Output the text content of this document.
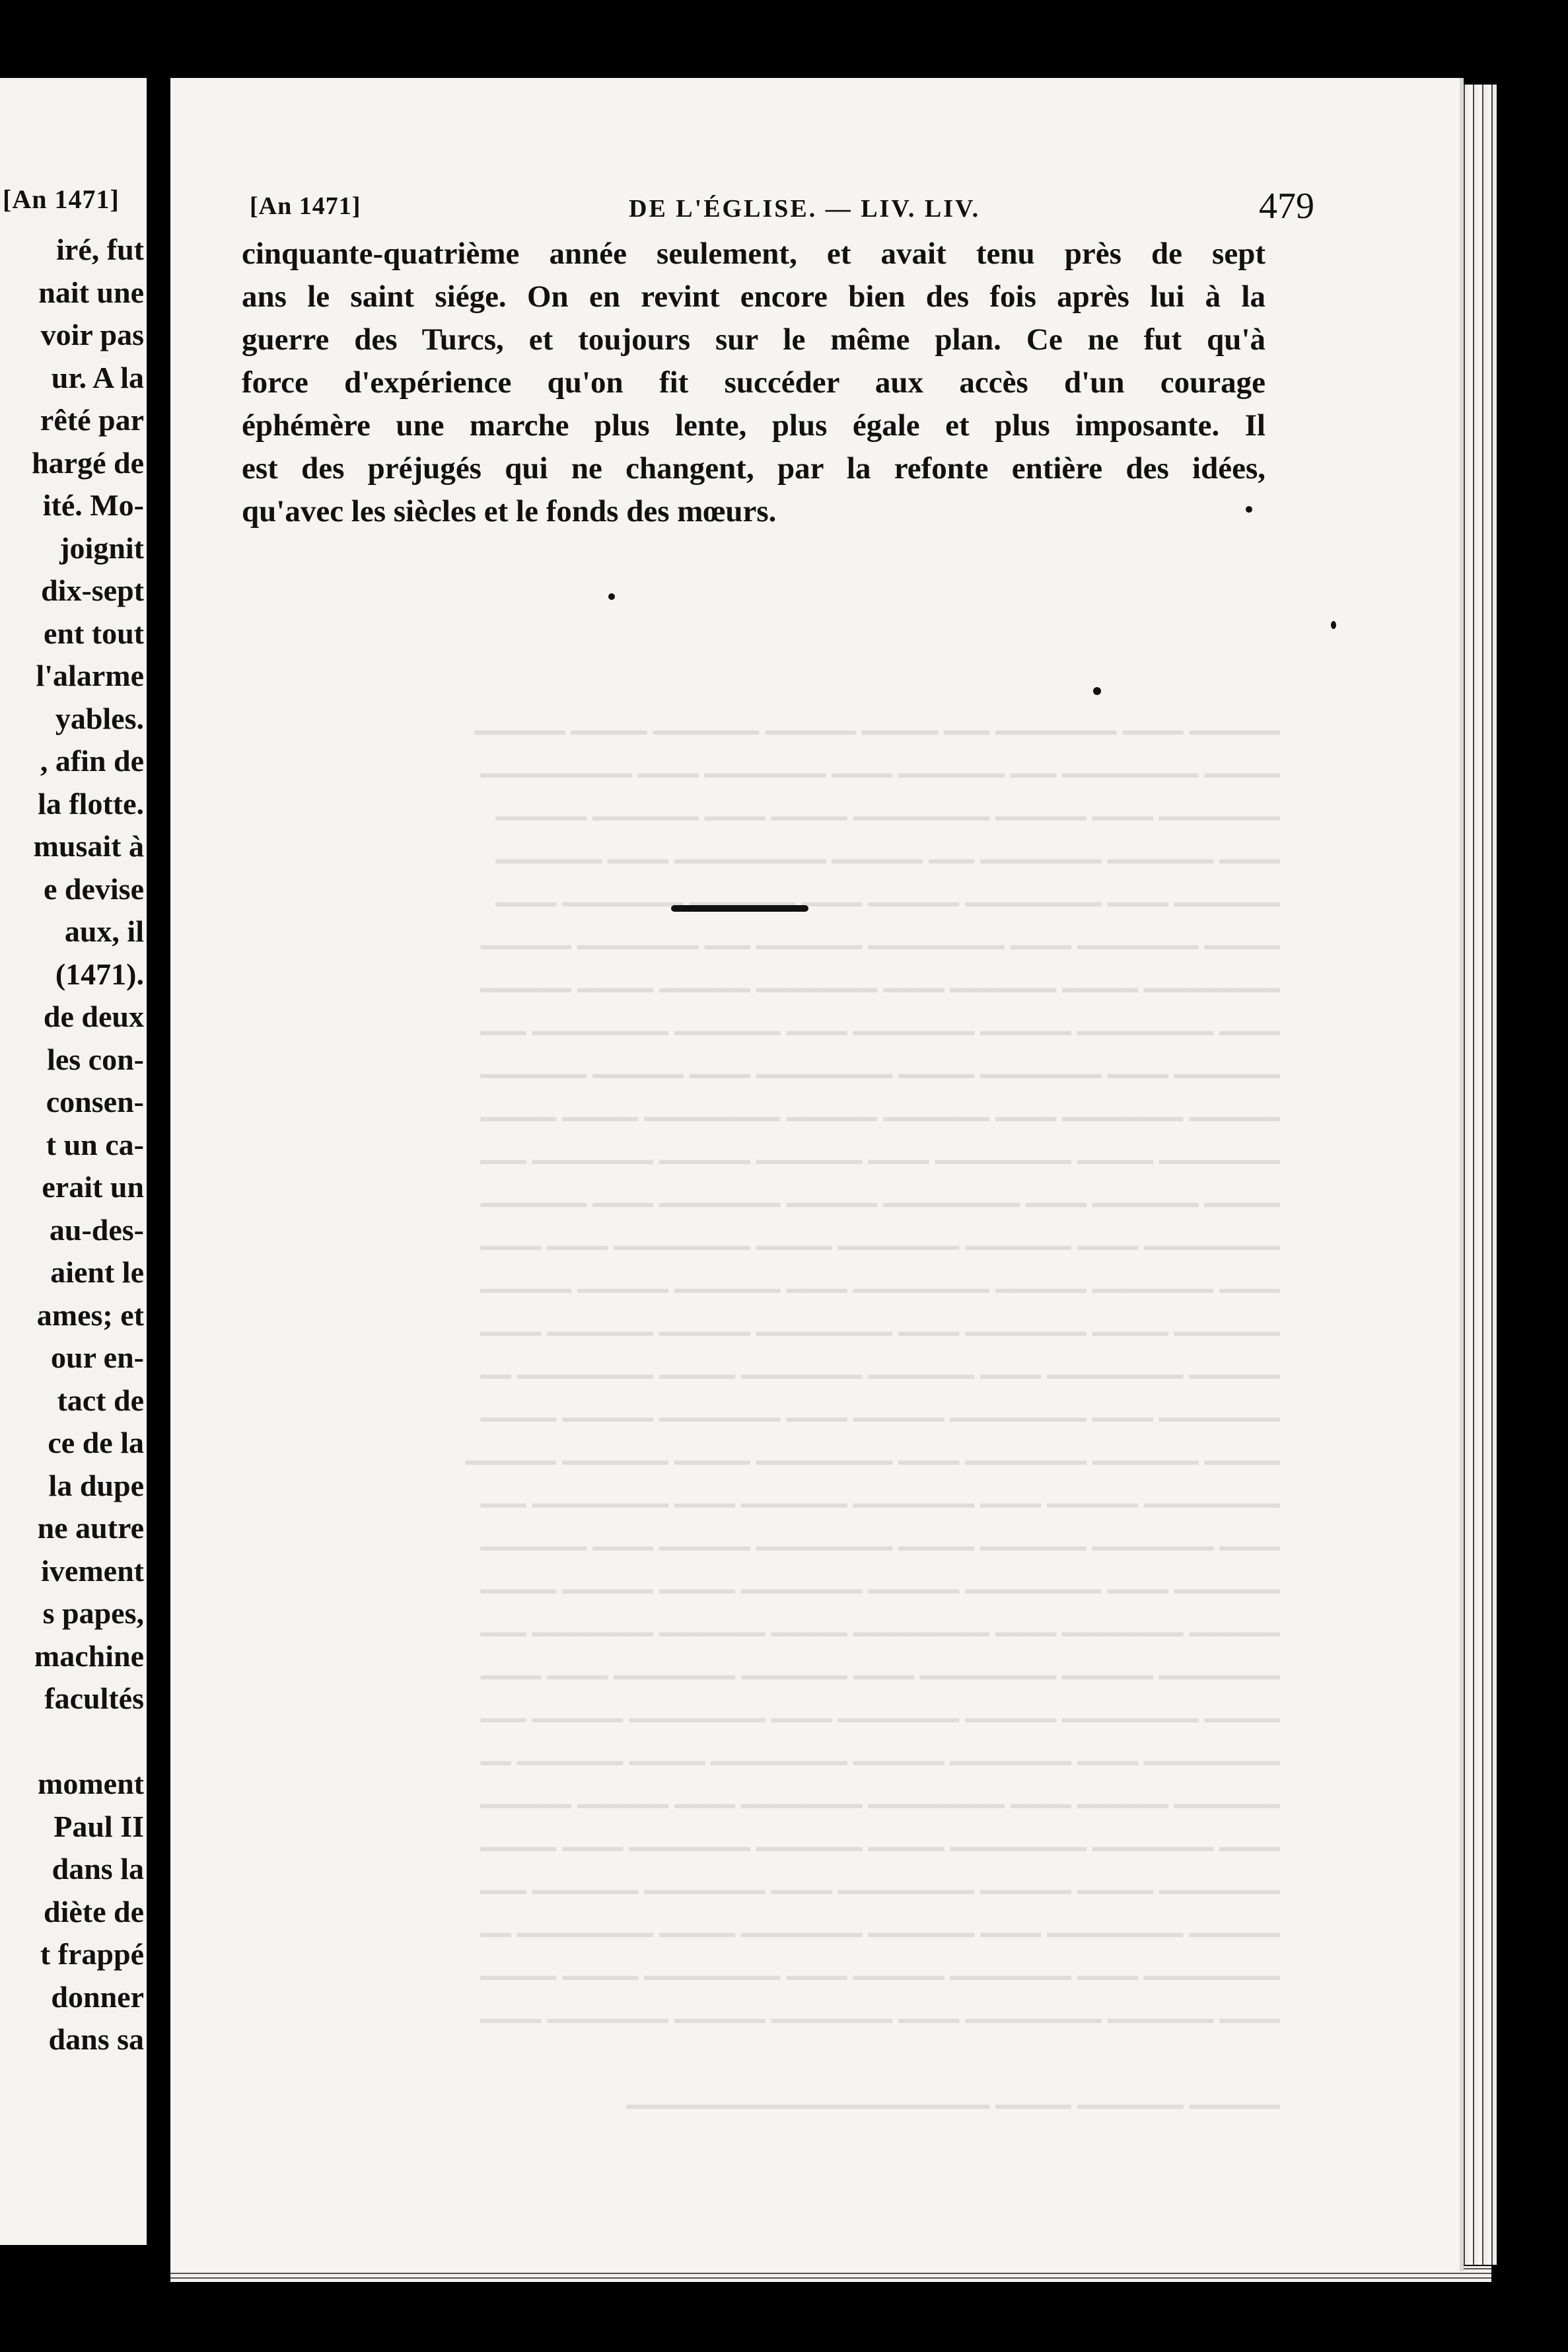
[An 1471]
iré, fut
nait une
voir pas
ur. A la
rêté par
hargé de
ité. Mo-
joignit
dix-sept
ent tout
l'alarme
yables.
, afin de
la flotte.
musait à
e devise
aux, il
(1471).
de deux
les con-
consen-
t un ca-
erait un
au-des-
aient le
ames; et
our en-
tact de
ce de la
la dupe
ne autre
ivement
s papes,
machine
facultés
moment
Paul II
dans la
diète de
t frappé
donner
dans sa
[An 1471]	DE L'ÉGLISE. — LIV. LIV.	479
cinquante-quatrième année seulement, et avait tenu près de sept
ans le saint siége. On en revint encore bien des fois après lui à la
guerre des Turcs, et toujours sur le même plan. Ce ne fut qu'à
force d'expérience qu'on fit succéder aux accès d'un courage
éphémère une marche plus lente, plus égale et plus imposante. Il
est des préjugés qui ne changent, par la refonte entière des idées,
qu'avec les siècles et le fonds des mœurs.
━━━━━━ ━━━━ ━━━━━━━━ ━━━ ━━━━━ ━━━━━━ ━━━━━━━ ━━━━━ ━━━━━━
━━━━━ ━━━━━━━━━ ━━━ ━━━━━━━ ━━━━ ━━━━━━━━ ━━━━ ━━━━━━━━━━
━━━━━━━━ ━━━━ ━━━━━━ ━━━━━━━━━ ━━━━━ ━━━━ ━━━━━━━ ━━━━━━
━━━━ ━━━━━━━ ━━━━━━━━ ━━━ ━━━━━━ ━━━━━━━━━━ ━━━━ ━━━━━━━
━━━━━━━ ━━━━ ━━━━━━━━━ ━━━━━━ ━━━━ ━━━━━━━ ━━━━━━━━ ━━━━
━━━━━ ━━━━━━━━ ━━━━ ━━━━━━━━━ ━━━━━━━ ━━━ ━━━━━━━━ ━━━━━━
━━━━━━━━━ ━━━━━ ━━━━━━━ ━━━━ ━━━━━━━━ ━━━━━━ ━━━━━ ━━━━━━
━━━━ ━━━━━━━━━ ━━━━━━ ━━━━━━━━ ━━━━ ━━━━━━━ ━━━━━━━━━ ━━━
━━━━━━━ ━━━━ ━━━━━━━━ ━━━━━ ━━━━━━━━━ ━━━━ ━━━━━━ ━━━━━━━
━━━━━━ ━━━━━━━━ ━━━━ ━━━━━━━ ━━━━━━ ━━━━━━━━━ ━━━━━ ━━━━━
━━━━━━━━ ━━━━━ ━━━━━━━━━ ━━━━ ━━━━━━━ ━━━━━━ ━━━━━━━━ ━━━
━━━━━ ━━━━━━━ ━━━━ ━━━━━━━━━ ━━━━━━ ━━━━━━━━ ━━━━ ━━━━━━━
━━━━━━━━━ ━━━━ ━━━━━━━ ━━━━━━━━ ━━━━━ ━━━━━━━━━ ━━━━ ━━━━
━━━━ ━━━━━━━━ ━━━━━━ ━━━━━━━━━ ━━━━ ━━━━━━━ ━━━━━━ ━━━━━━
━━━━━━━ ━━━━━ ━━━━━━━━ ━━━━ ━━━━━━━━━ ━━━━━━ ━━━━━━━ ━━━━
━━━━━━ ━━━━━━━━━ ━━━━ ━━━━━━━ ━━━━━━━━ ━━━━━ ━━━━━━━━━ ━━
━━━━━━━━ ━━━━ ━━━━━━━━━ ━━━━━━ ━━━━ ━━━━━━━━ ━━━━━━ ━━━━━
━━━━━ ━━━━━━━ ━━━━━━━━ ━━━━ ━━━━━━━━━ ━━━━━ ━━━━━━━ ━━━━━━
━━━━━━━━━ ━━━━━━ ━━━━ ━━━━━━━━ ━━━━━━━ ━━━━ ━━━━━━━━━ ━━━
━━━━ ━━━━━━━━ ━━━━━━━ ━━━━━ ━━━━━━━━━ ━━━━━━ ━━━━ ━━━━━━━
━━━━━━━ ━━━━ ━━━━━━━━━ ━━━━━━ ━━━━━━━━ ━━━━━ ━━━━━━ ━━━━━
━━━━━━ ━━━━━━━━ ━━━━ ━━━━━━━━━ ━━━━━ ━━━━━━━ ━━━━━━━━ ━━━
━━━━━━━━ ━━━━━━ ━━━━━━━━━ ━━━━ ━━━━━━━ ━━━━━━━━ ━━━━ ━━━━
━━━━━ ━━━━━━━━━ ━━━━━━ ━━━━━━━━ ━━━━ ━━━━━━━━━ ━━━━━━ ━━━
━━━━━━━━━ ━━━━ ━━━━━━━━ ━━━━━━ ━━━━━━━━━ ━━━━━ ━━━━━━━ ━━
━━━━━━━ ━━━━━━ ━━━━ ━━━━━━━━━ ━━━━━━━━ ━━━━ ━━━━━━ ━━━━━━
━━━━ ━━━━━━━━ ━━━━━━━━━ ━━━━━ ━━━━━━━ ━━━━━━━━ ━━━━ ━━━━━
━━━━━━━━ ━━━━━ ━━━━━━ ━━━━━━━━━ ━━━━ ━━━━━━━━ ━━━━━━━ ━━━
━━━━━━ ━━━━━━━━━ ━━━━ ━━━━━━━ ━━━━━━━━ ━━━━━ ━━━━━━━━━ ━━
━━━━━━━━━ ━━━━ ━━━━━━━━ ━━━━━━ ━━━━ ━━━━━━━━━ ━━━━━ ━━━━━
━━━━ ━━━━━━━ ━━━━━━━━━ ━━━━ ━━━━━━━━ ━━━━━━ ━━━━━━━━ ━━━━

━━━━━━ ━━━━━━━ ━━━━━ ━━━━━━━━━━━━━━━━━━━━━━━━
